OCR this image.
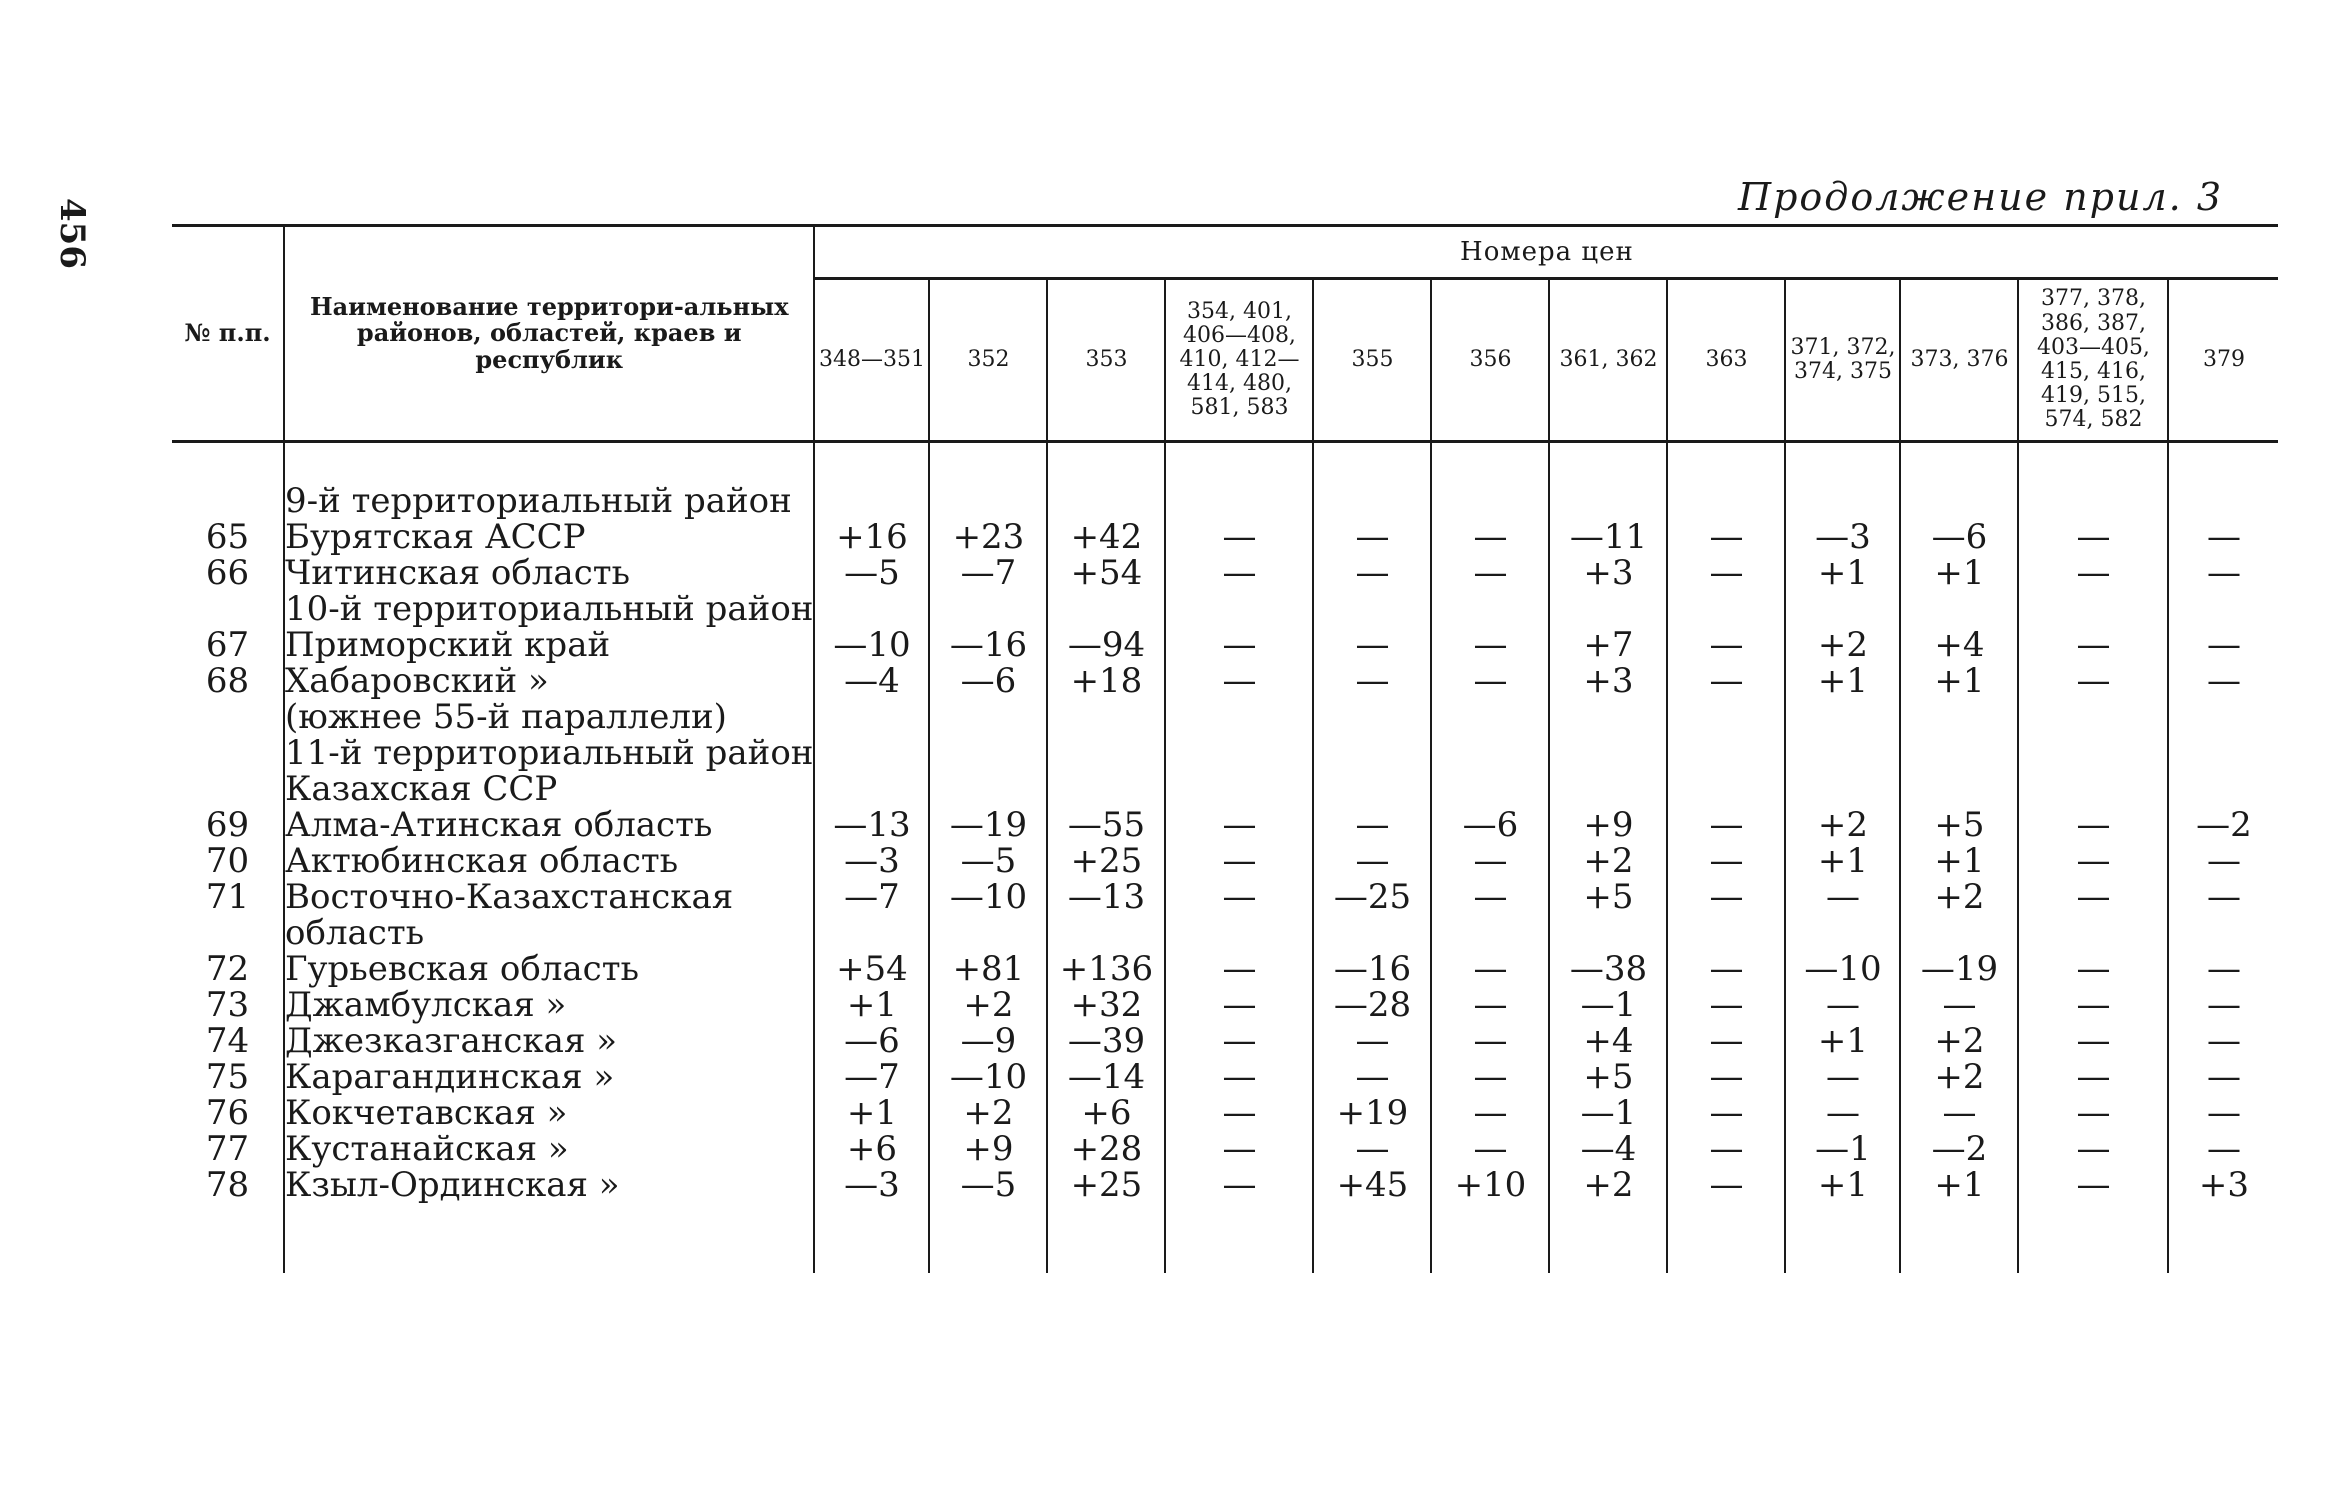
456
Продолжение прил. 3
№ п.п.	Наименование территори-альных районов, областей, краев и республик	Номера цен											
		348—351	352	353	354, 401, 406—408, 410, 412—414, 480, 581, 583	355	356	361, 362	363	371, 372, 374, 375	373, 376	377, 378, 386, 387, 403—405, 415, 416, 419, 515, 574, 582	379

	9-й территориальный район												
65	Бурятская АССР	+16	+23	+42	—	—	—	—11	—	—3	—6	—	—
66	Читинская область	—5	—7	+54	—	—	—	+3	—	+1	+1	—	—
	10-й территориальный район												
67	Приморский край	—10	—16	—94	—	—	—	+7	—	+2	+4	—	—
68	Хабаровский »	—4	—6	+18	—	—	—	+3	—	+1	+1	—	—
	(южнее 55-й параллели)												
	11-й территориальный район												
	Казахская ССР												
69	Алма-Атинская область	—13	—19	—55	—	—	—6	+9	—	+2	+5	—	—2
70	Актюбинская область	—3	—5	+25	—	—	—	+2	—	+1	+1	—	—
71	Восточно-Казахстанская	—7	—10	—13	—	—25	—	+5	—	—	+2	—	—
	область												
72	Гурьевская область	+54	+81	+136	—	—16	—	—38	—	—10	—19	—	—
73	Джамбулская »	+1	+2	+32	—	—28	—	—1	—	—	—	—	—
74	Джезказганская »	—6	—9	—39	—	—	—	+4	—	+1	+2	—	—
75	Карагандинская »	—7	—10	—14	—	—	—	+5	—	—	+2	—	—
76	Кокчетавская »	+1	+2	+6	—	+19	—	—1	—	—	—	—	—
77	Кустанайская »	+6	+9	+28	—	—	—	—4	—	—1	—2	—	—
78	Кзыл-Ординская »	—3	—5	+25	—	+45	+10	+2	—	+1	+1	—	+3
